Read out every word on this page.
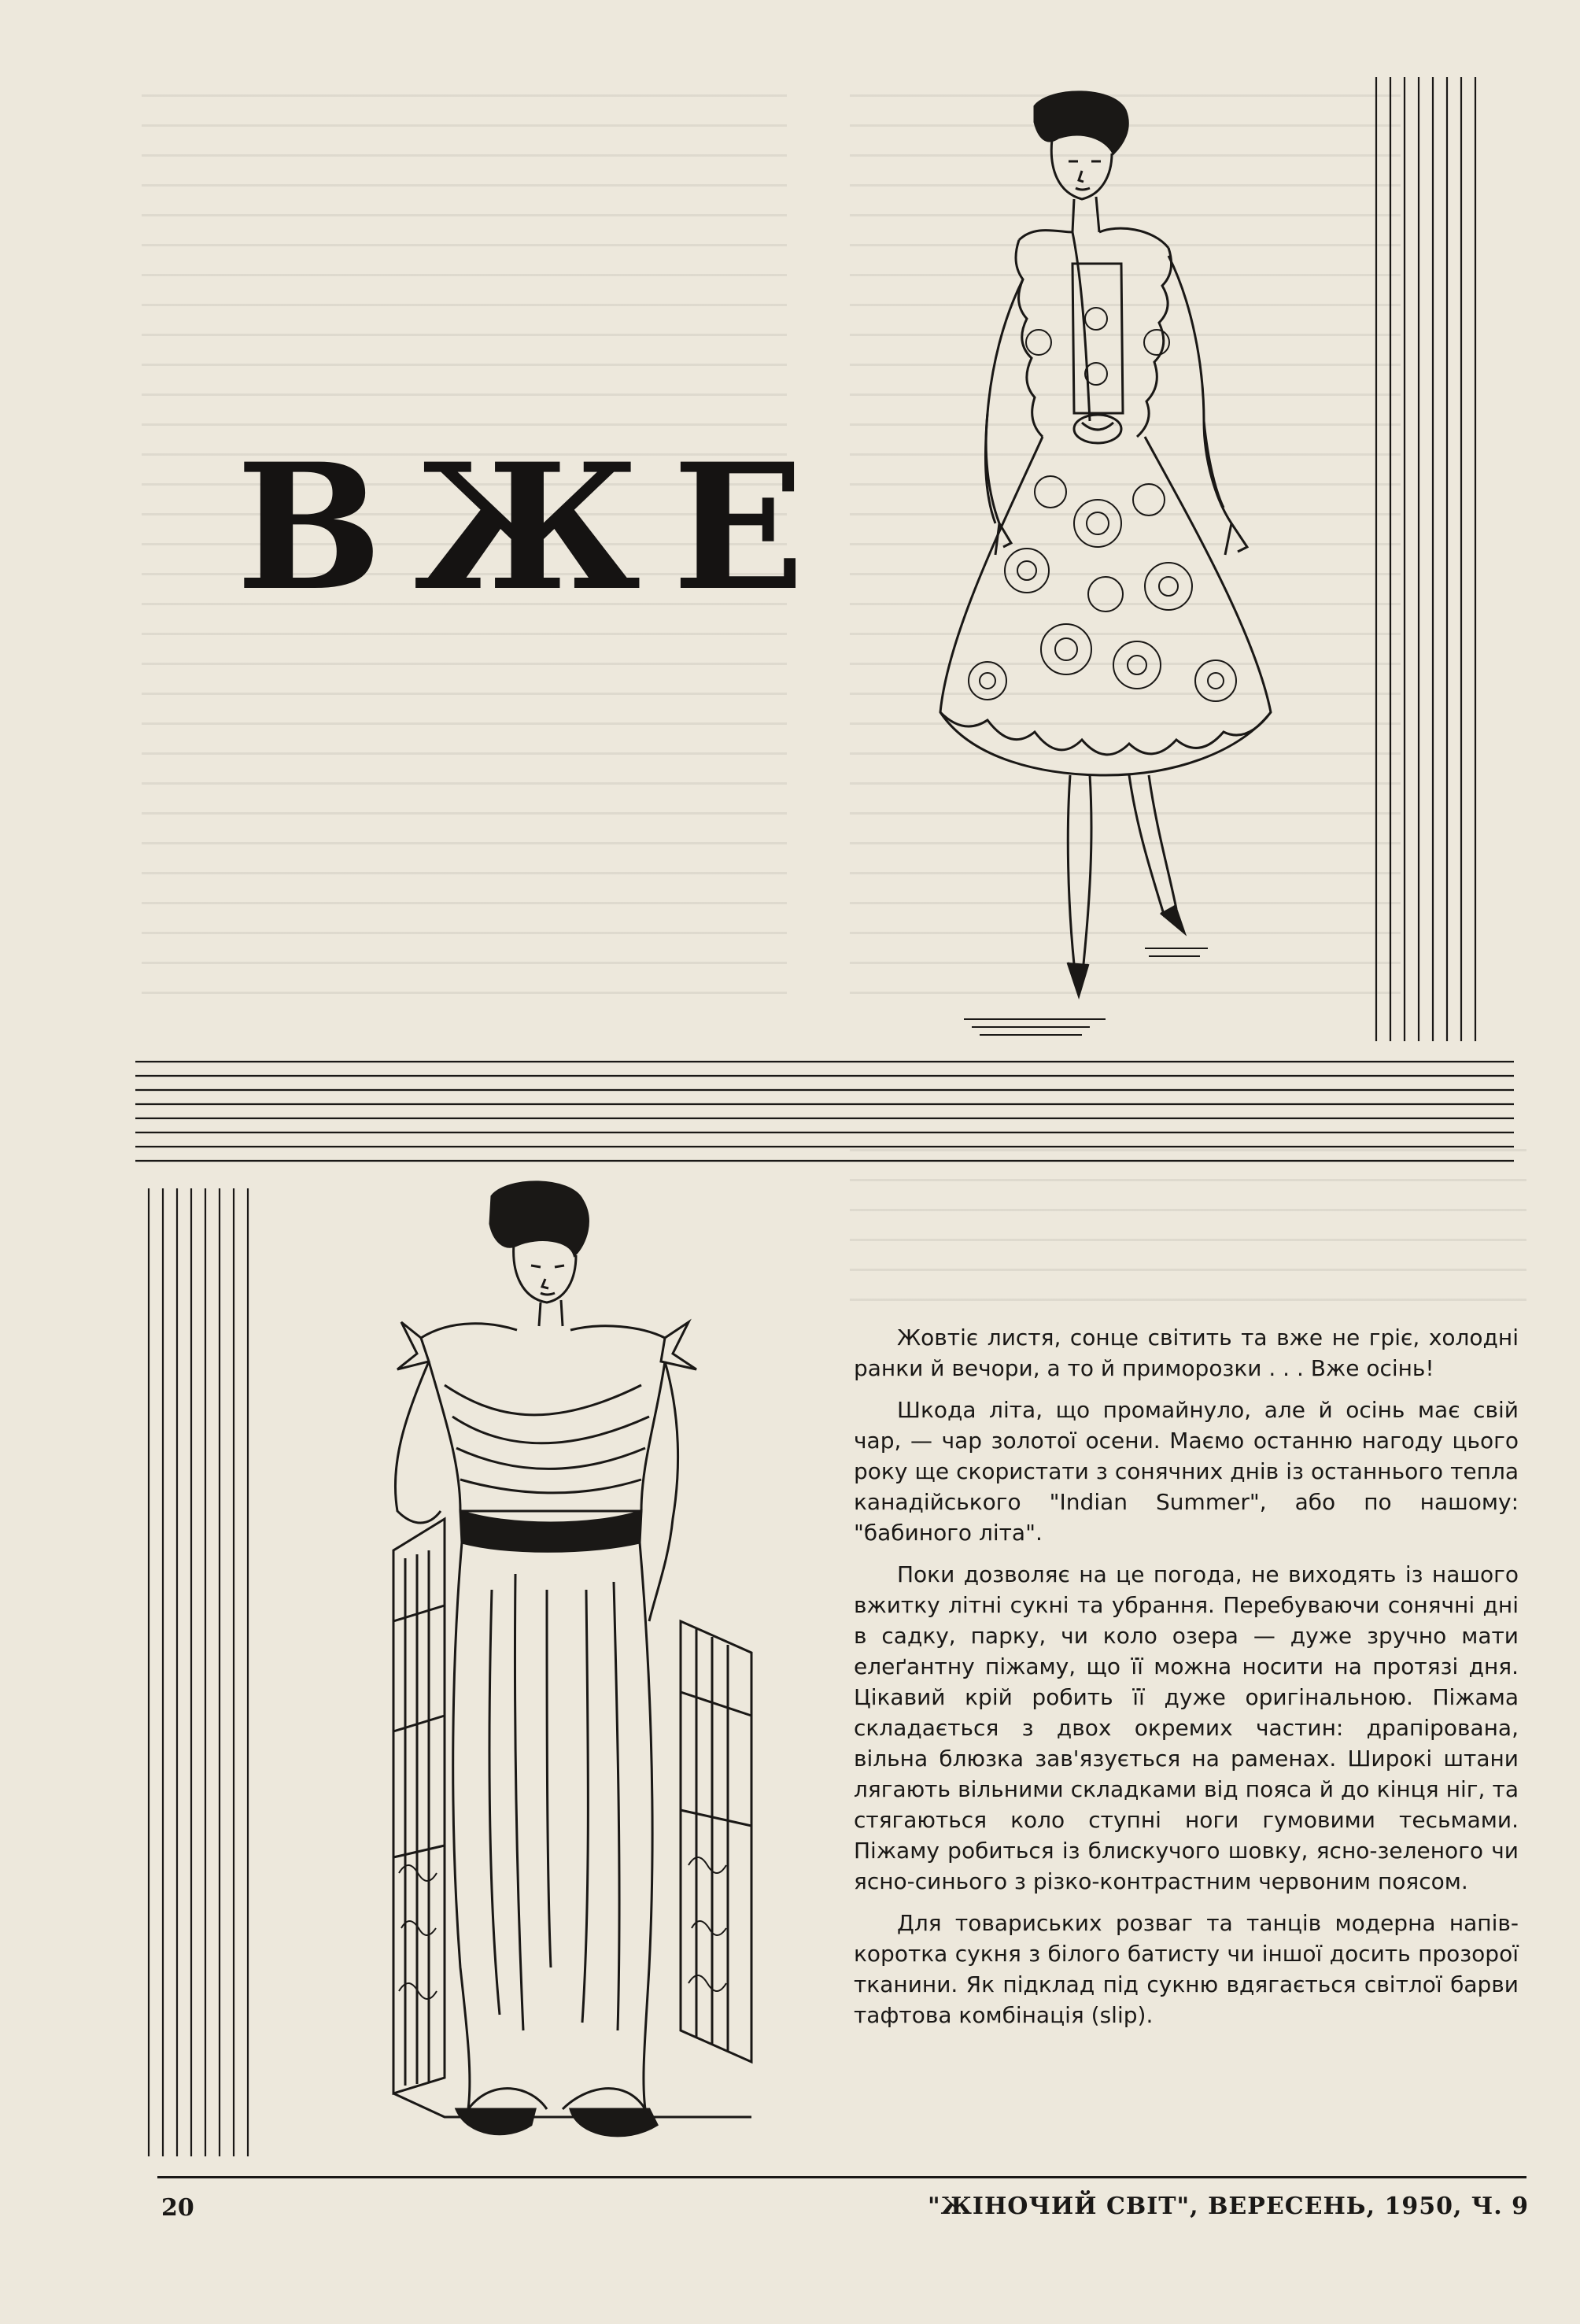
ВЖЕ

Жовтіє листя, сонце світить та вже не гріє, холодні ранки й вечори, а то й приморозки . . . Вже осінь!

Шкода літа, що промайнуло, але й осінь має свій чар, — чар золотої осени. Маємо останню нагоду цього року ще скористати з сонячних днів із останнього тепла канадійського "Indian Summer", або по нашому: "бабиного літа".

Поки дозволяє на це погода, не виходять із нашого вжитку літні сукні та убрання. Перебуваючи сонячні дні в садку, парку, чи коло озера — дуже зручно мати елеґантну піжаму, що її можна носити на протязі дня. Цікавий крій робить її дуже оригінальною. Піжама складається з двох окремих частин: драпірована, вільна блюзка зав'язується на раменах. Широкі штани лягають вільними складками від пояса й до кінця ніг, та стягаються коло ступні ноги гумовими тесьмами. Піжаму робиться із блискучого шовку, ясно-зеленого чи ясно-синього з різко-контрастним червоним поясом.

Для товариських розваг та танців модерна напів-коротка сукня з білого батисту чи іншої досить прозорої тканини. Як підклад під сукню вдягається світлої барви тафтова комбінація (slip).

20	"ЖІНОЧИЙ СВІТ", ВЕРЕСЕНЬ, 1950, Ч. 9
